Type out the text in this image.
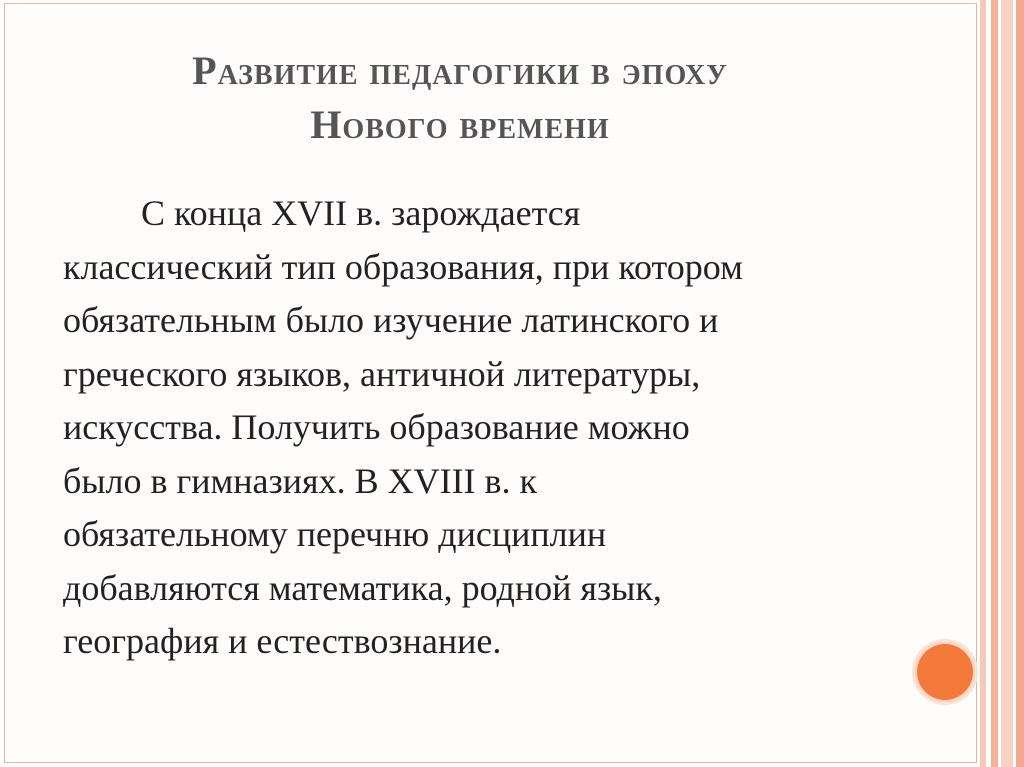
Развитие педагогики в эпоху
Нового времени

С конца XVII в. зарождается
классический тип образования, при котором
обязательным было изучение латинского и
греческого языков, античной литературы,
искусства. Получить образование можно
было в гимназиях. В XVIII в. к
обязательному перечню дисциплин
добавляются математика, родной язык,
география и естествознание.
